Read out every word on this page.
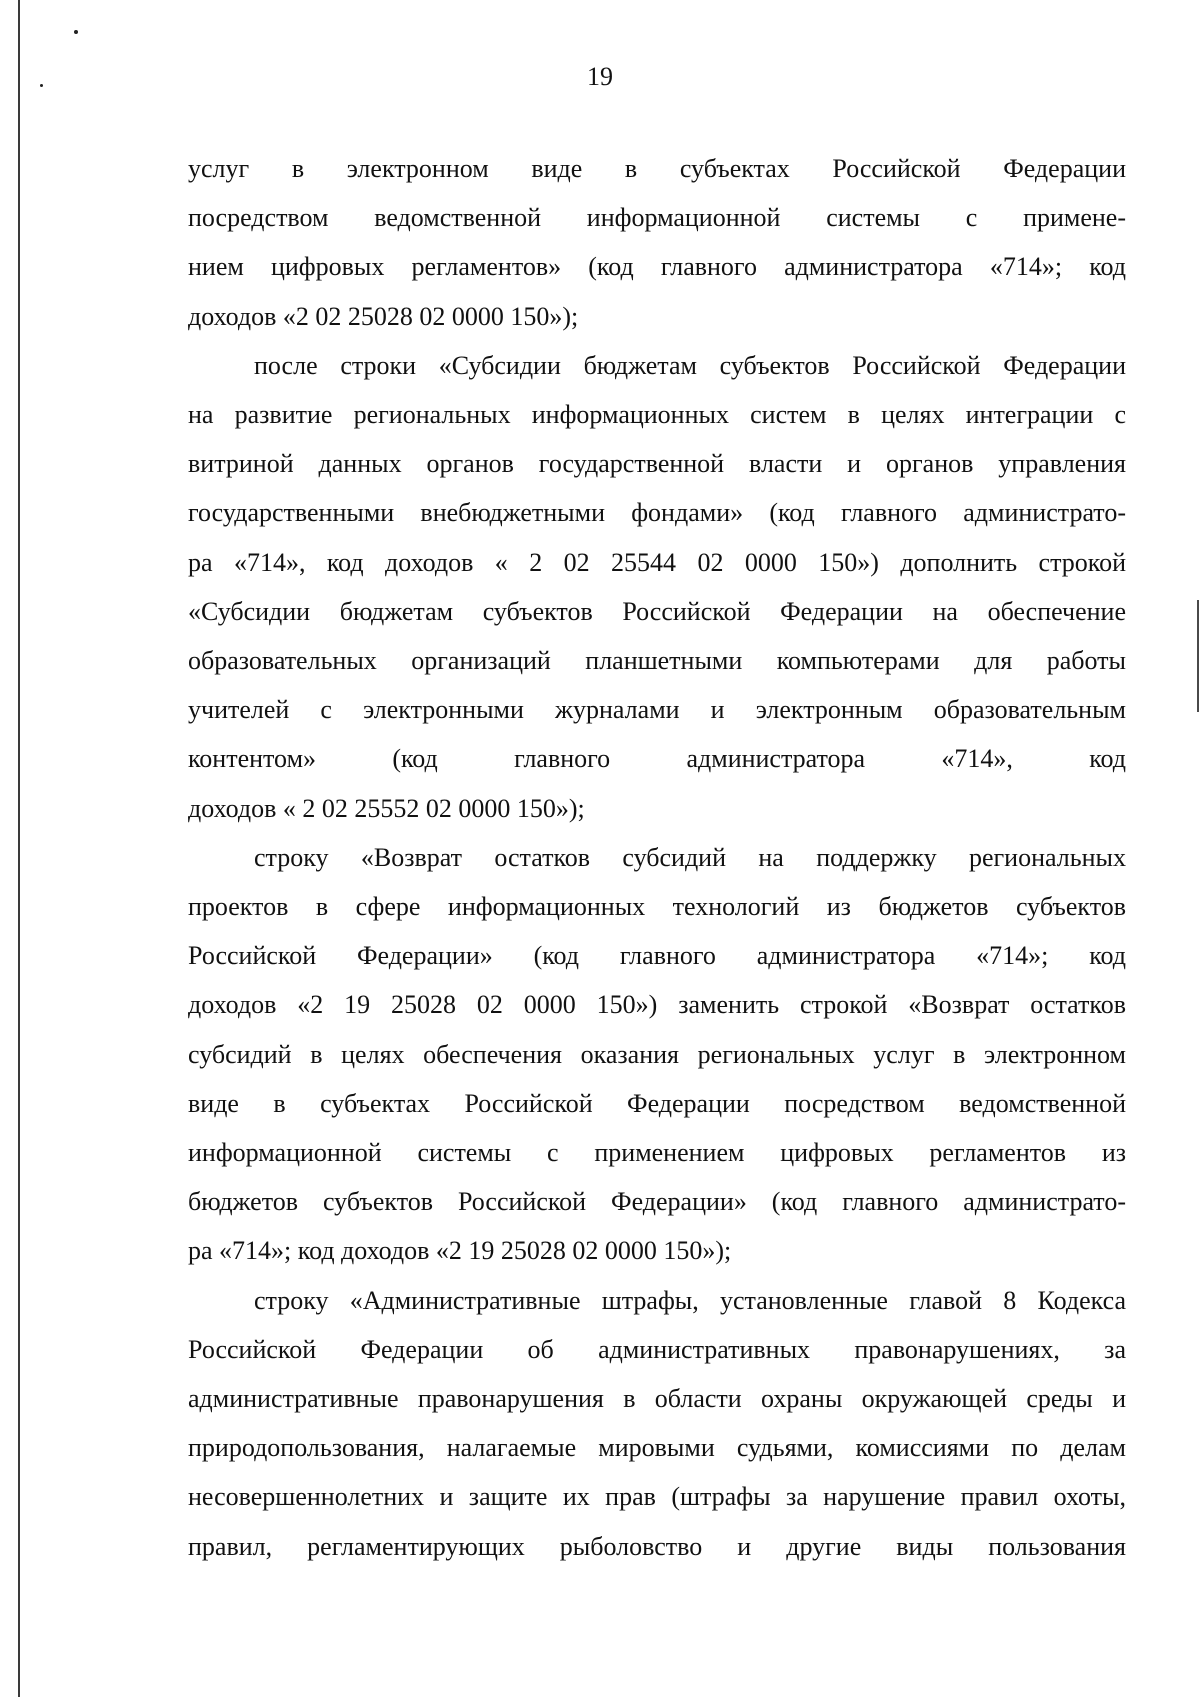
19

услуг в электронном виде в субъектах Российской Федерации

посредством ведомственной информационной системы с примене-

нием цифровых регламентов» (код главного администратора «714»; код

доходов «2 02 25028 02 0000 150»);

после строки «Субсидии бюджетам субъектов Российской Федерации

на развитие региональных информационных систем в целях интеграции с

витриной данных органов государственной власти и органов управления

государственными внебюджетными фондами» (код главного администрато-

ра «714», код доходов « 2 02 25544 02 0000 150») дополнить строкой

«Субсидии бюджетам субъектов Российской Федерации на обеспечение

образовательных организаций планшетными компьютерами для работы

учителей с электронными журналами и электронным образовательным

контентом» (код главного администратора «714», код

доходов « 2 02 25552 02 0000 150»);

строку «Возврат остатков субсидий на поддержку региональных

проектов в сфере информационных технологий из бюджетов субъектов

Российской Федерации» (код главного администратора «714»; код

доходов «2 19 25028 02 0000 150») заменить строкой «Возврат остатков

субсидий в целях обеспечения оказания региональных услуг в электронном

виде в субъектах Российской Федерации посредством ведомственной

информационной системы с применением цифровых регламентов из

бюджетов субъектов Российской Федерации» (код главного администрато-

ра «714»; код доходов «2 19 25028 02 0000 150»);

строку «Административные штрафы, установленные главой 8 Кодекса

Российской Федерации об административных правонарушениях, за

административные правонарушения в области охраны окружающей среды и

природопользования, налагаемые мировыми судьями, комиссиями по делам

несовершеннолетних и защите их прав (штрафы за нарушение правил охоты,

правил, регламентирующих рыболовство и другие виды пользования
